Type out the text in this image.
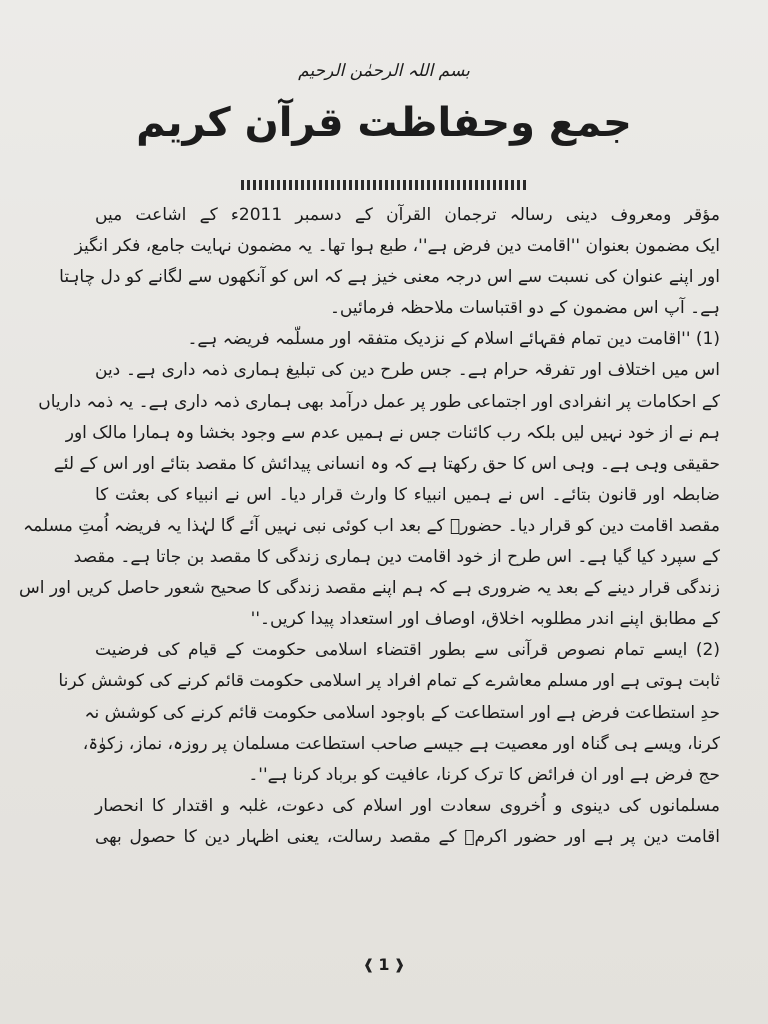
بسم اللہ الرحمٰن الرحیم
جمع وحفاظت قرآن کریم
مؤقر ومعروف دینی رسالہ ترجمان القرآن کے دسمبر 2011ء کے اشاعت میں
ایک مضمون بعنوان ''اقامت دین فرض ہے''، طبع ہوا تھا۔ یہ مضمون نہایت جامع، فکر انگیز
اور اپنے عنوان کی نسبت سے اس درجہ معنی خیز ہے کہ اس کو آنکھوں سے لگانے کو دل چاہتا
ہے۔ آپ اس مضمون کے دو اقتباسات ملاحظہ فرمائیں۔
(1) ''اقامت دین تمام فقہائے اسلام کے نزدیک متفقہ اور مسلّمہ فریضہ ہے۔
اس میں اختلاف اور تفرقہ حرام ہے۔ جس طرح دین کی تبلیغ ہماری ذمہ داری ہے۔ دین
کے احکامات پر انفرادی اور اجتماعی طور پر عمل درآمد بھی ہماری ذمہ داری ہے۔ یہ ذمہ داریاں
ہم نے از خود نہیں لیں بلکہ رب کائنات جس نے ہمیں عدم سے وجود بخشا وہ ہمارا مالک اور
حقیقی وہی ہے۔ وہی اس کا حق رکھتا ہے کہ وہ انسانی پیدائش کا مقصد بتائے اور اس کے لئے
ضابطہ اور قانون بتائے۔ اس نے ہمیں انبیاء کا وارث قرار دیا۔ اس نے انبیاء کی بعثت کا
مقصد اقامت دین کو قرار دیا۔ حضورؐ کے بعد اب کوئی نبی نہیں آئے گا لہٰذا یہ فریضہ اُمتِ مسلمہ
کے سپرد کیا گیا ہے۔ اس طرح از خود اقامت دین ہماری زندگی کا مقصد بن جاتا ہے۔ مقصد
زندگی قرار دینے کے بعد یہ ضروری ہے کہ ہم اپنے مقصد زندگی کا صحیح شعور حاصل کریں اور اس
کے مطابق اپنے اندر مطلوبہ اخلاق، اوصاف اور استعداد پیدا کریں۔''
(2) ایسے تمام نصوص قرآنی سے بطور اقتضاء اسلامی حکومت کے قیام کی فرضیت
ثابت ہوتی ہے اور مسلم معاشرے کے تمام افراد پر اسلامی حکومت قائم کرنے کی کوشش کرنا
حدِ استطاعت فرض ہے اور استطاعت کے باوجود اسلامی حکومت قائم کرنے کی کوشش نہ
کرنا، ویسے ہی گناہ اور معصیت ہے جیسے صاحب استطاعت مسلمان پر روزہ، نماز، زکوٰۃ،
حج فرض ہے اور ان فرائض کا ترک کرنا، عافیت کو برباد کرنا ہے''۔
مسلمانوں کی دینوی و اُخروی سعادت اور اسلام کی دعوت، غلبہ و اقتدار کا انحصار
اقامت دین پر ہے اور حضور اکرمؐ کے مقصد رسالت، یعنی اظہار دین کا حصول بھی
❰ 1 ❱
